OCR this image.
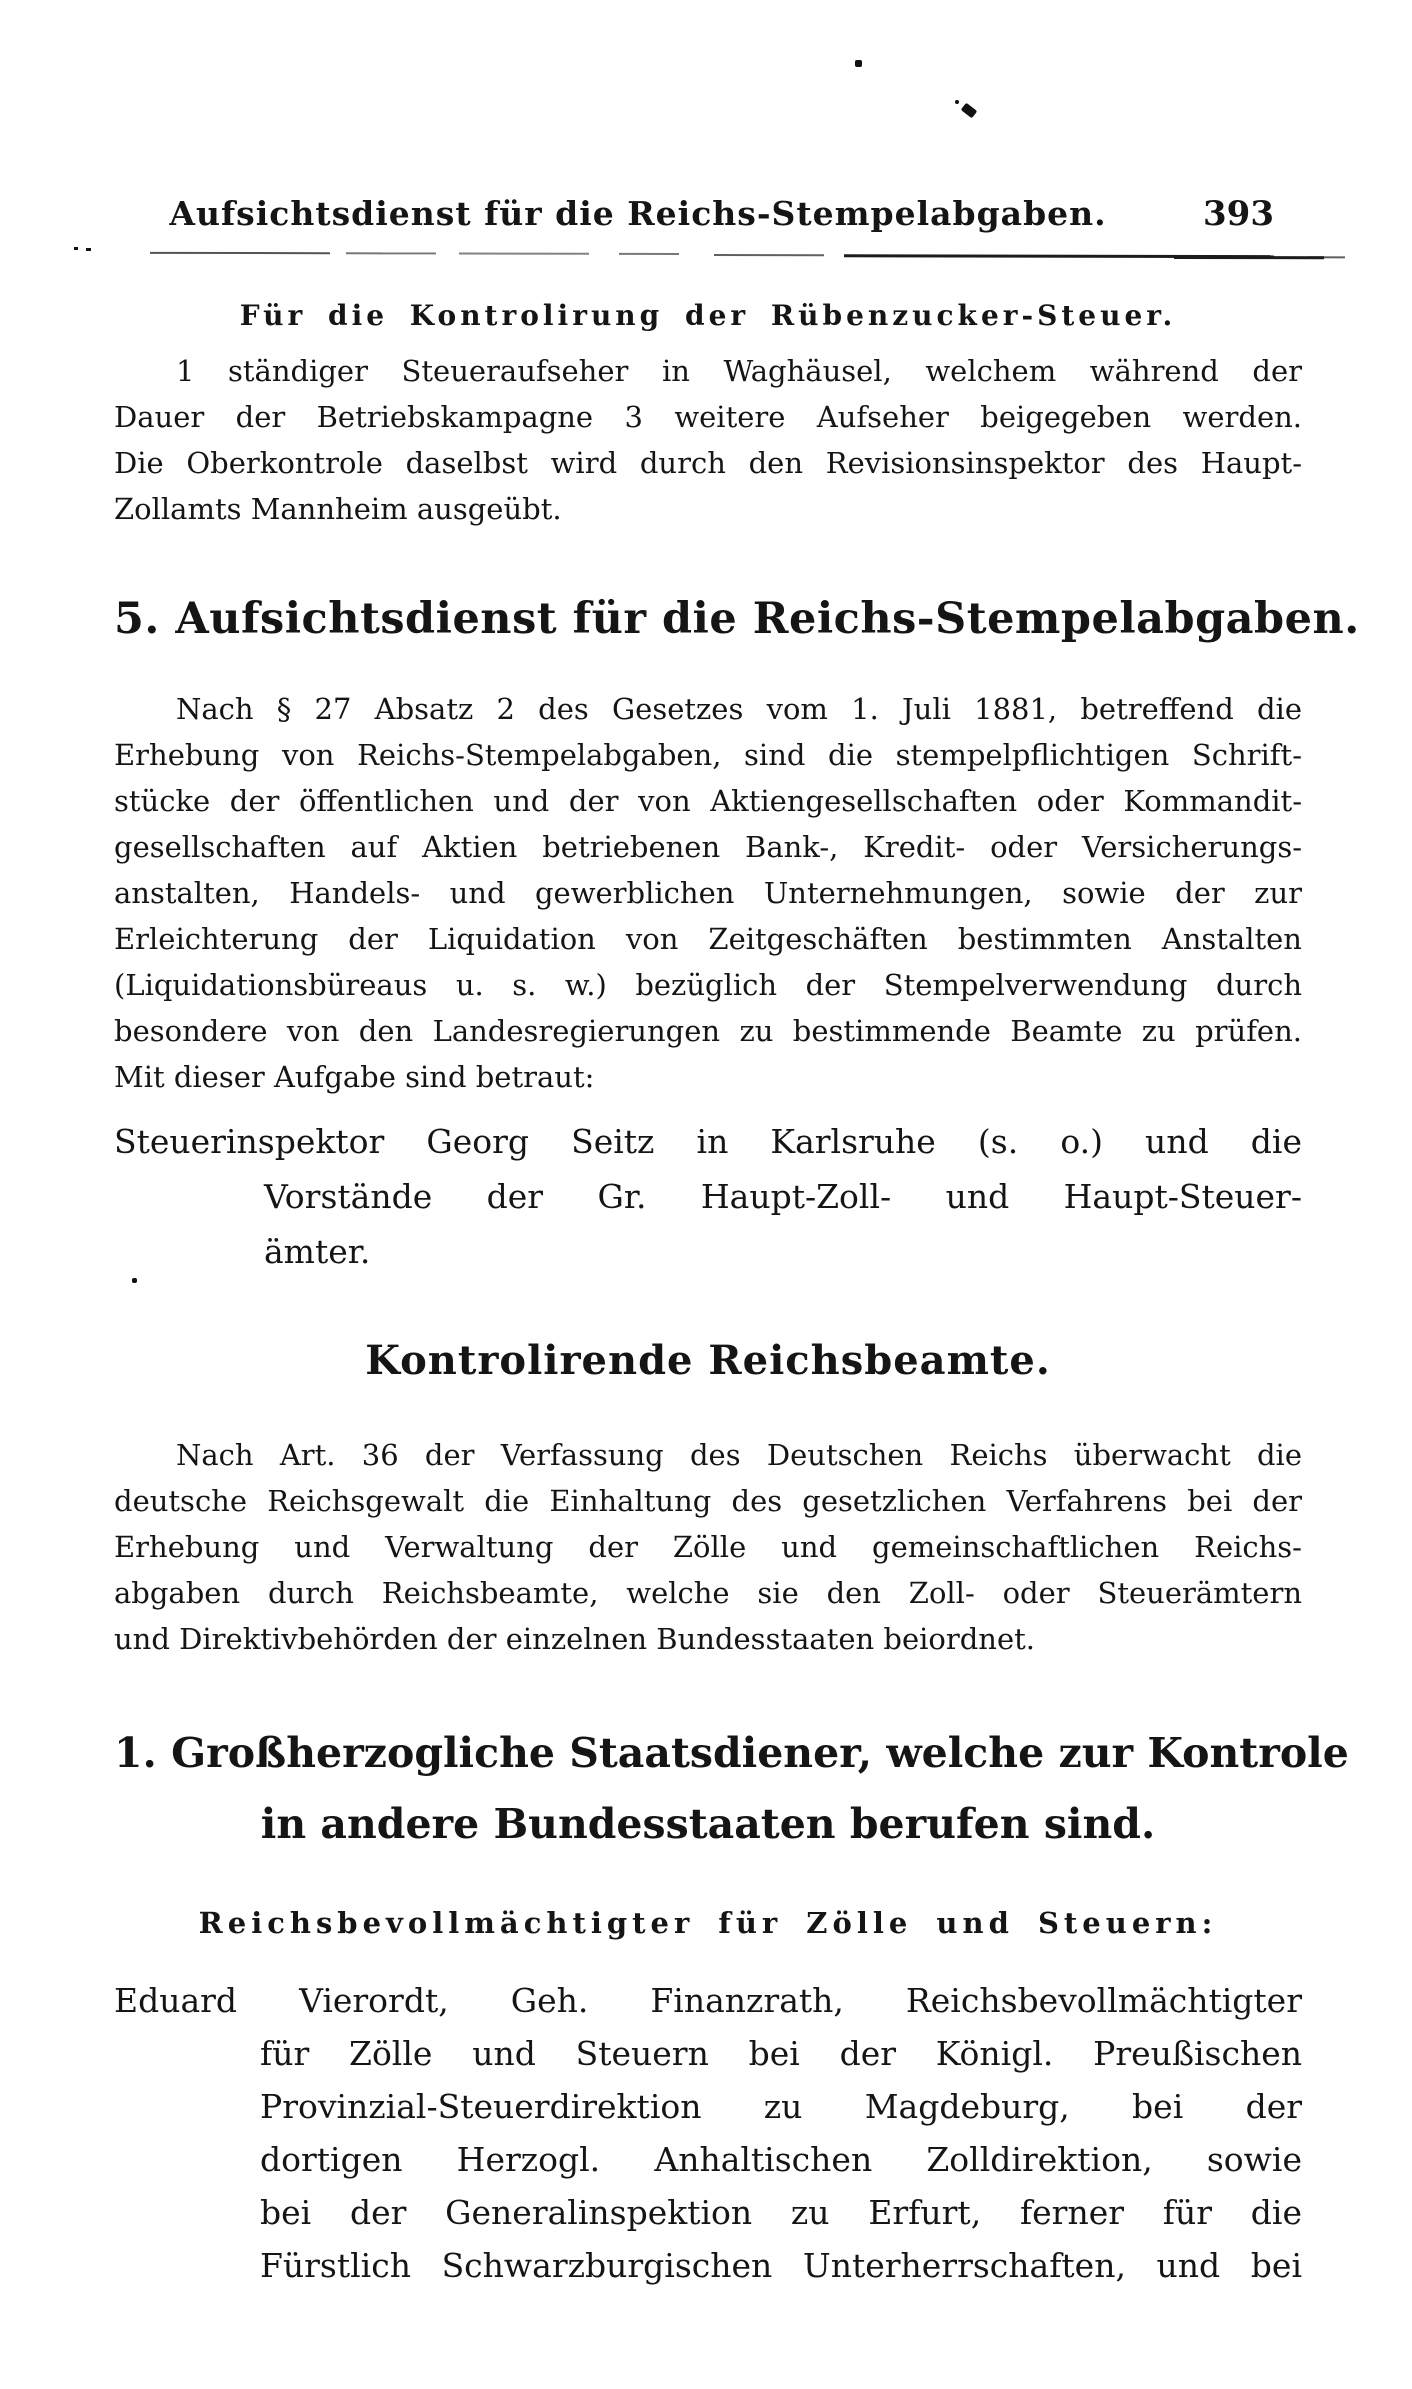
Aufsichtsdienst für die Reichs-Stempelabgaben.	393
Für die Kontrolirung der Rübenzucker-Steuer.
1 ständiger Steueraufseher in Waghäusel, welchem während der
Dauer der Betriebskampagne 3 weitere Aufseher beigegeben werden.
Die Oberkontrole daselbst wird durch den Revisionsinspektor des Haupt-
Zollamts Mannheim ausgeübt.
5. Aufsichtsdienst für die Reichs-Stempelabgaben.
Nach § 27 Absatz 2 des Gesetzes vom 1. Juli 1881, betreffend die
Erhebung von Reichs-Stempelabgaben, sind die stempelpflichtigen Schrift-
stücke der öffentlichen und der von Aktiengesellschaften oder Kommandit-
gesellschaften auf Aktien betriebenen Bank-, Kredit- oder Versicherungs-
anstalten, Handels- und gewerblichen Unternehmungen, sowie der zur
Erleichterung der Liquidation von Zeitgeschäften bestimmten Anstalten
(Liquidationsbüreaus u. s. w.) bezüglich der Stempelverwendung durch
besondere von den Landesregierungen zu bestimmende Beamte zu prüfen.
Mit dieser Aufgabe sind betraut:
Steuerinspektor Georg Seitz in Karlsruhe (s. o.) und die
Vorstände der Gr. Haupt-Zoll- und Haupt-Steuer-
ämter.
Kontrolirende Reichsbeamte.
Nach Art. 36 der Verfassung des Deutschen Reichs überwacht die
deutsche Reichsgewalt die Einhaltung des gesetzlichen Verfahrens bei der
Erhebung und Verwaltung der Zölle und gemeinschaftlichen Reichs-
abgaben durch Reichsbeamte, welche sie den Zoll- oder Steuerämtern
und Direktivbehörden der einzelnen Bundesstaaten beiordnet.
1. Großherzogliche Staatsdiener, welche zur Kontrole
in andere Bundesstaaten berufen sind.
Reichsbevollmächtigter für Zölle und Steuern:
Eduard Vierordt, Geh. Finanzrath, Reichsbevollmächtigter
für Zölle und Steuern bei der Königl. Preußischen
Provinzial-Steuerdirektion zu Magdeburg, bei der
dortigen Herzogl. Anhaltischen Zolldirektion, sowie
bei der Generalinspektion zu Erfurt, ferner für die
Fürstlich Schwarzburgischen Unterherrschaften, und bei
